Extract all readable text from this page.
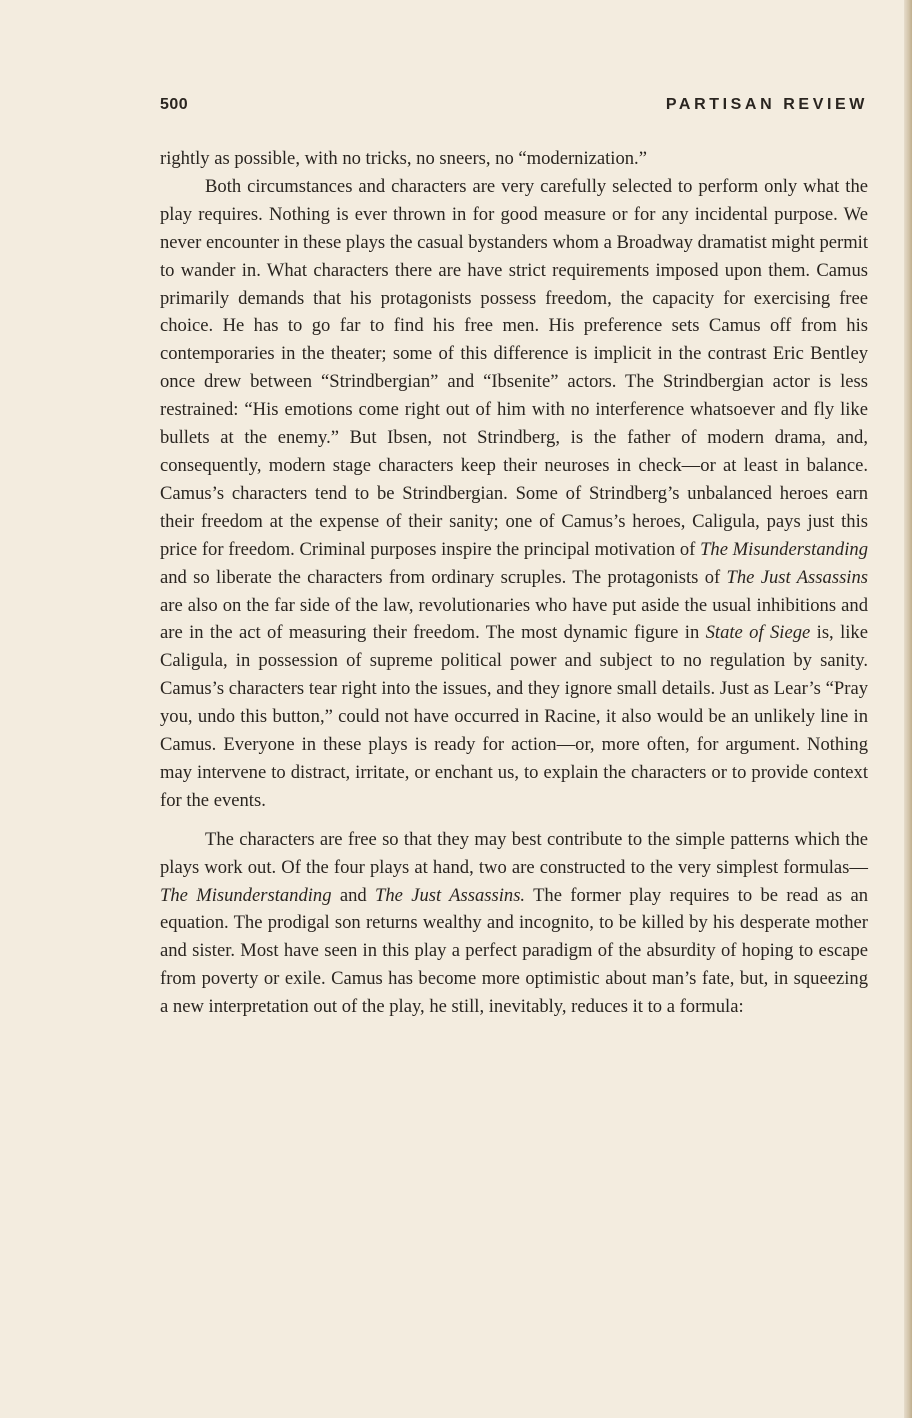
500	PARTISAN REVIEW

rightly as possible, with no tricks, no sneers, no “modernization.”

Both circumstances and characters are very carefully selected to perform only what the play requires. Nothing is ever thrown in for good measure or for any incidental purpose. We never encounter in these plays the casual bystanders whom a Broadway dramatist might permit to wander in. What characters there are have strict requirements imposed upon them. Camus primarily demands that his protagonists possess freedom, the capacity for exercising free choice. He has to go far to find his free men. His preference sets Camus off from his contemporaries in the theater; some of this difference is implicit in the contrast Eric Bentley once drew between “Strindbergian” and “Ibsenite” actors. The Strindbergian actor is less restrained: “His emotions come right out of him with no interference whatsoever and fly like bullets at the enemy.” But Ibsen, not Strindberg, is the father of modern drama, and, consequently, modern stage characters keep their neuroses in check—or at least in balance. Camus’s characters tend to be Strindbergian. Some of Strindberg’s unbalanced heroes earn their freedom at the expense of their sanity; one of Camus’s heroes, Caligula, pays just this price for freedom. Criminal purposes inspire the principal motivation of The Misunderstanding and so liberate the characters from ordinary scruples. The protagonists of The Just Assassins are also on the far side of the law, revolutionaries who have put aside the usual inhibitions and are in the act of measuring their freedom. The most dynamic figure in State of Siege is, like Caligula, in possession of supreme political power and subject to no regulation by sanity. Camus’s characters tear right into the issues, and they ignore small details. Just as Lear’s “Pray you, undo this button,” could not have occurred in Racine, it also would be an unlikely line in Camus. Everyone in these plays is ready for action—or, more often, for argument. Nothing may intervene to distract, irritate, or enchant us, to explain the characters or to provide context for the events.

The characters are free so that they may best contribute to the simple patterns which the plays work out. Of the four plays at hand, two are constructed to the very simplest formulas—The Misunderstanding and The Just Assassins. The former play requires to be read as an equation. The prodigal son returns wealthy and incognito, to be killed by his desperate mother and sister. Most have seen in this play a perfect paradigm of the absurdity of hoping to escape from poverty or exile. Camus has become more optimistic about man’s fate, but, in squeezing a new interpretation out of the play, he still, inevitably, reduces it to a formula:
